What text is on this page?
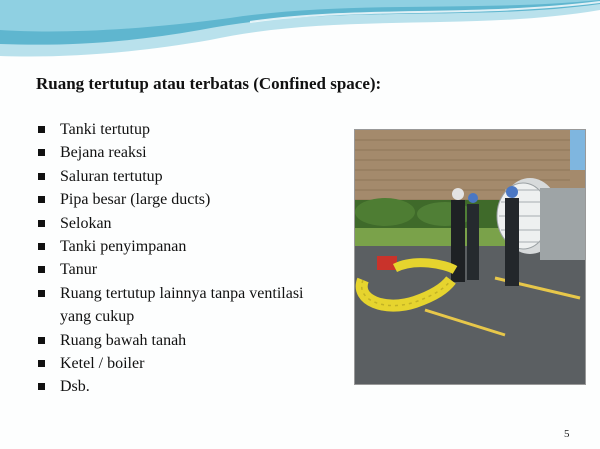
Ruang tertutup atau terbatas (Confined space):
Tanki tertutup
Bejana reaksi
Saluran tertutup
Pipa besar (large ducts)
Selokan
Tanki penyimpanan
Tanur
Ruang tertutup lainnya tanpa ventilasi yang cukup
Ruang bawah tanah
Ketel / boiler
Dsb.
5
